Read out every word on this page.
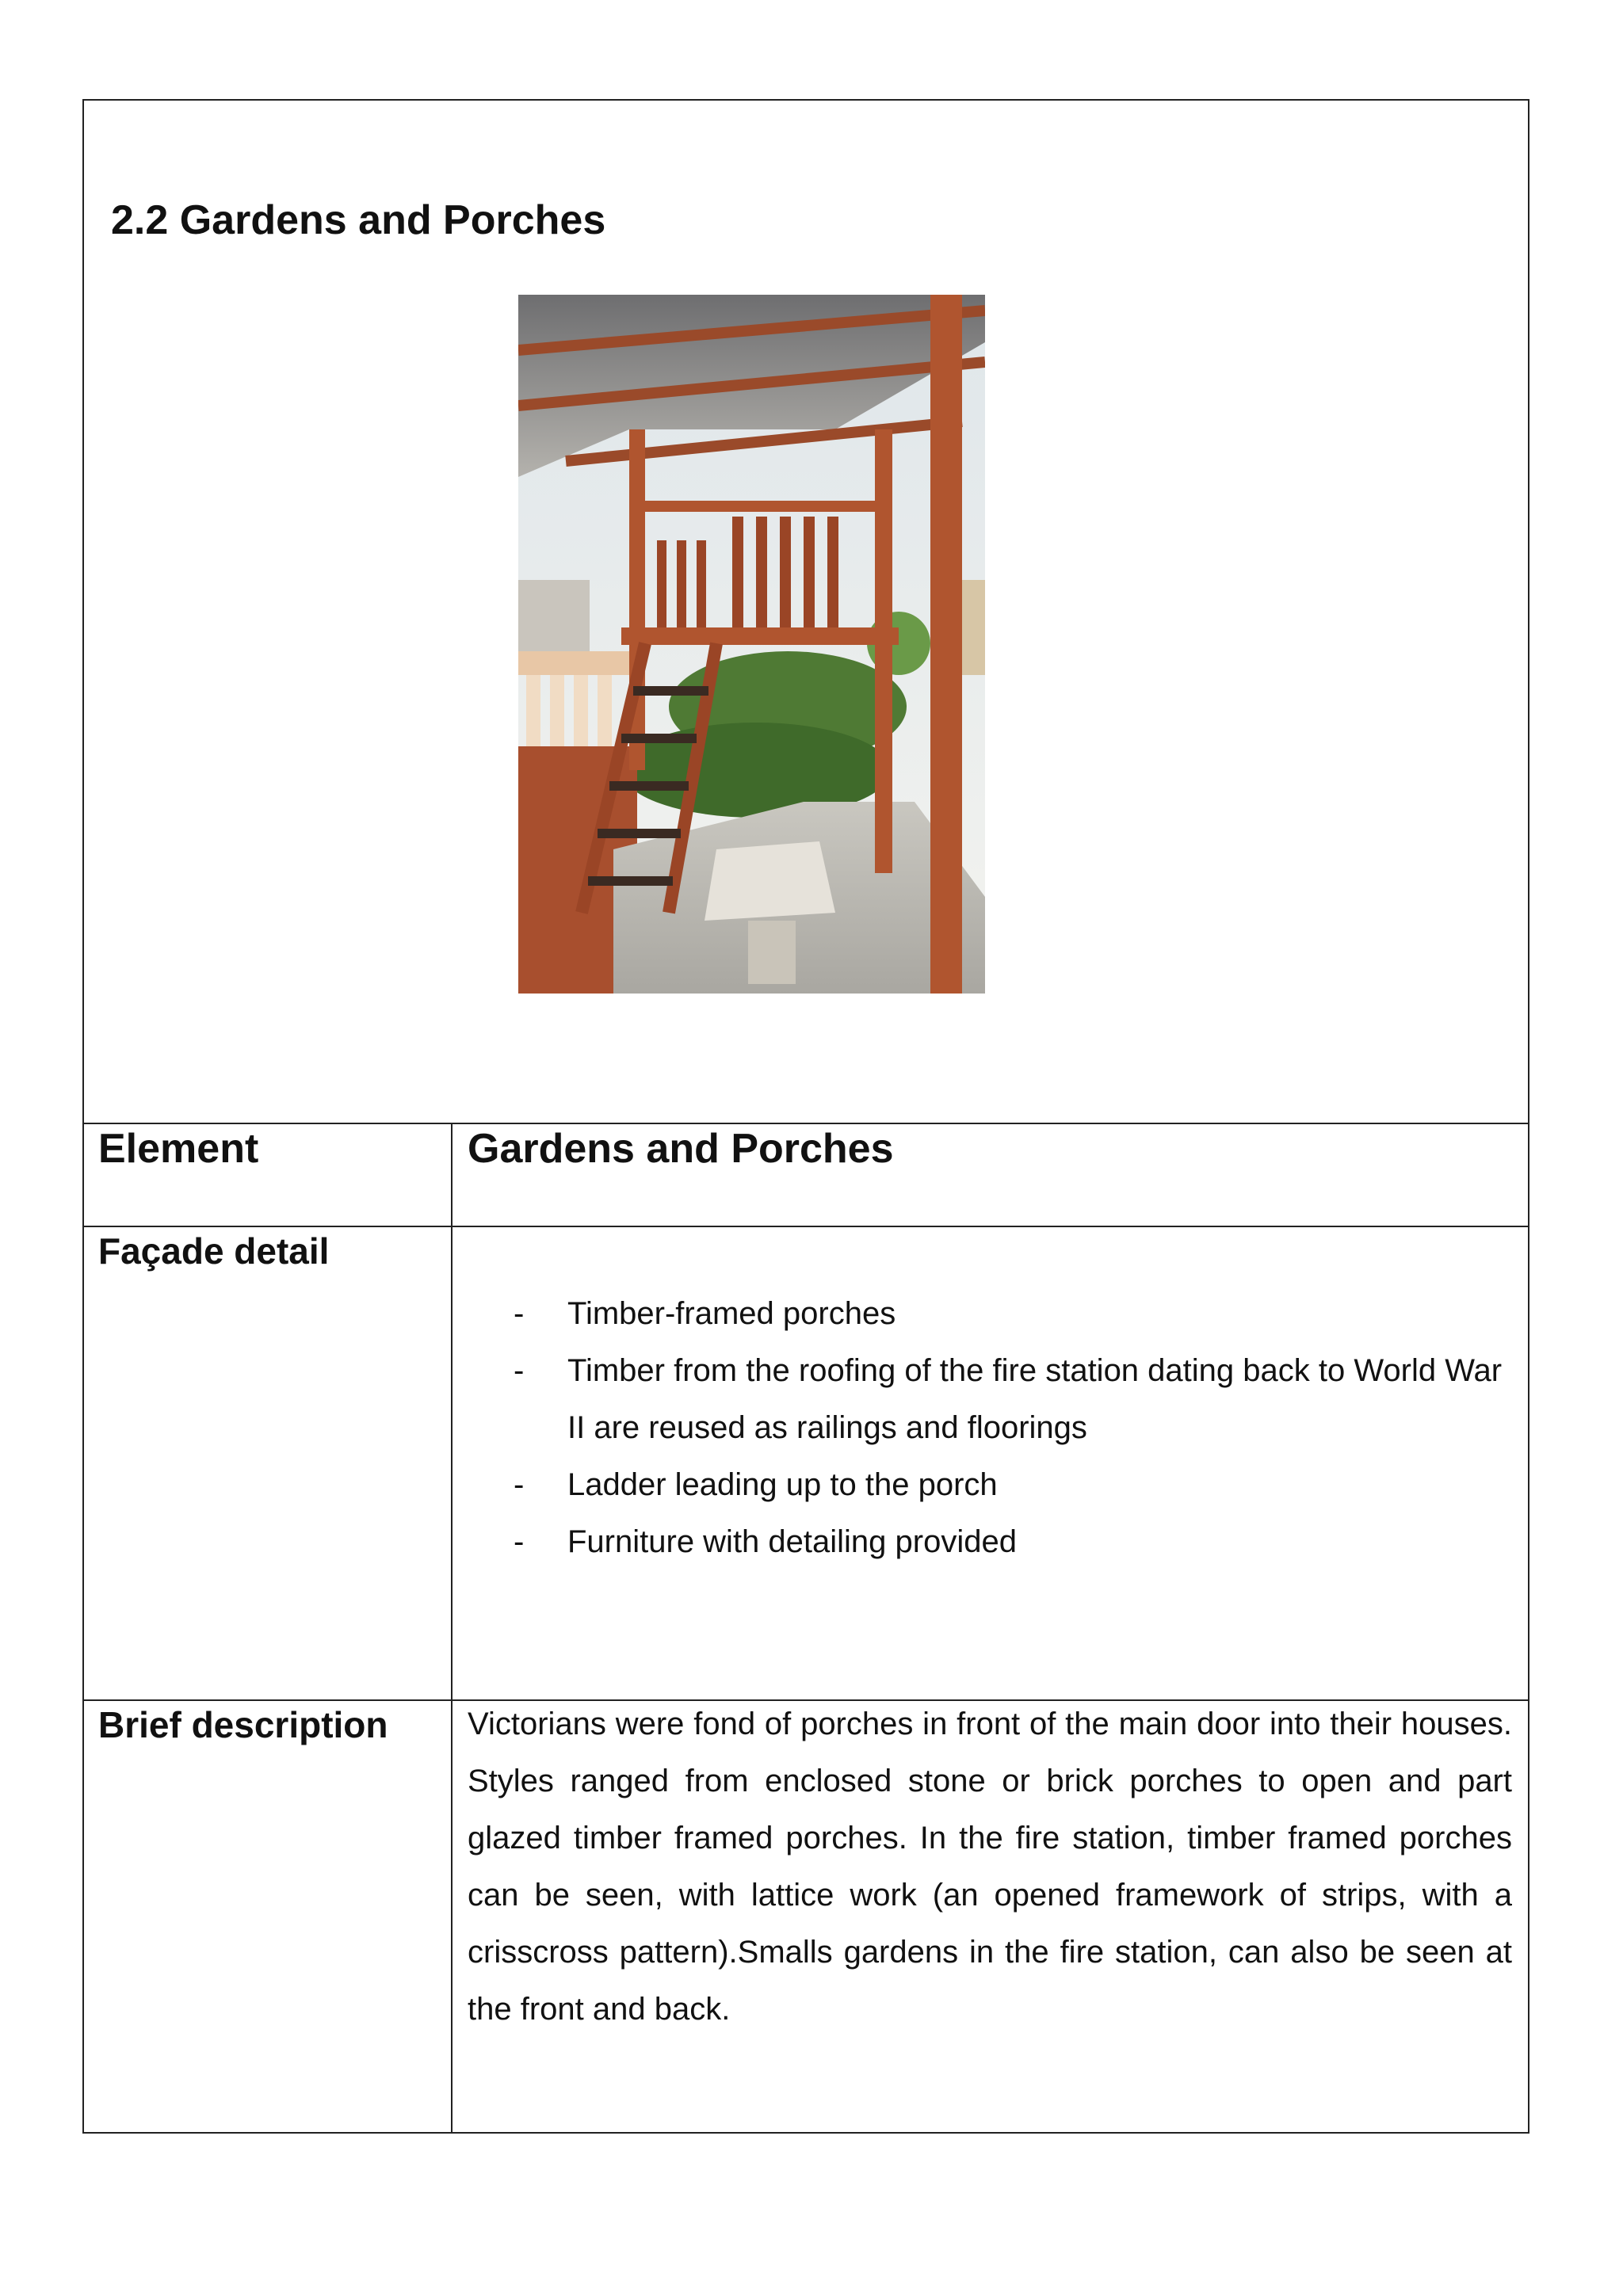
2.2 Gardens and Porches
Element	Gardens and Porches
Façade detail
- Timber-framed porches
- Timber from the roofing of the fire station dating back to World War II are reused as railings and floorings
- Ladder leading up to the porch
- Furniture with detailing provided
Brief description	Victorians were fond of porches in front of the main door into their houses. Styles ranged from enclosed stone or brick porches to open and part glazed timber framed porches. In the fire station, timber framed porches can be seen, with lattice work (an opened framework of strips, with a crisscross pattern).Smalls gardens in the fire station, can also be seen at the front and back.
